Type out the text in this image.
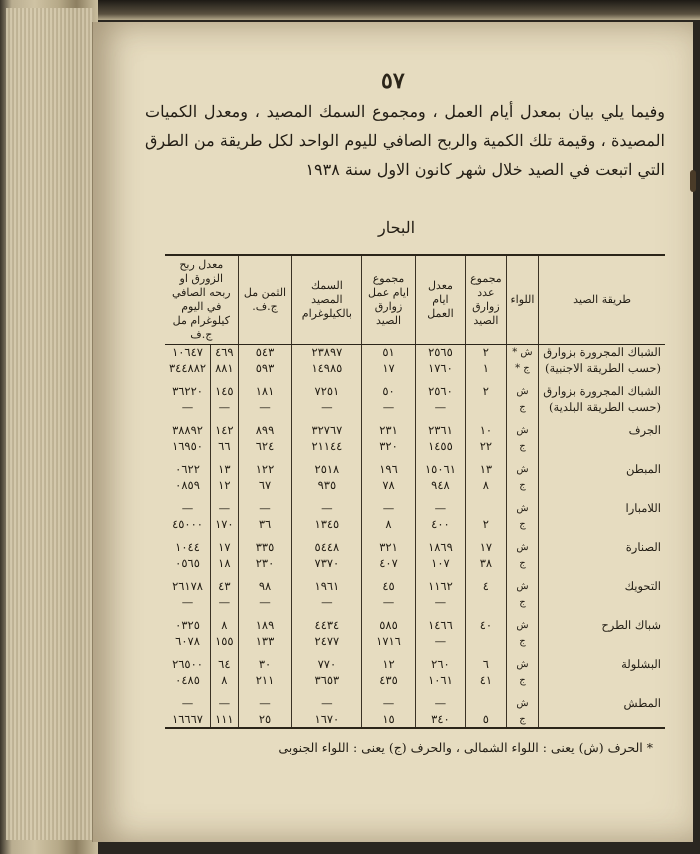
٥٧
وفيما يلي بيان بمعدل أيام العمل ، ومجموع السمك المصيد ، ومعدل الكميات المصيدة ، وقيمة تلك الكمية والربح الصافي لليوم الواحد لكل طريقة من الطرق التي اتبعت في الصيد خلال شهر كانون الاول سنة ١٩٣٨
البحار
طريقة الصيد	اللواء	مجموع عدد زوارق الصيد	معدل ايام العمل	مجموع ايام عمل زوارق الصيد	السمك المصيد بالكيلوغرام	الثمن مل ج.ف.	معدل ربح الزورق او ربحه الصافي في اليوم كيلوغرام مل ج.ف	
الشباك المجرورة بزوارق	ش *	٢	٢٥٦٥	٥١	٢٣٨٩٧	٥٤٣	٤٦٩	١٠٦٤٧
(حسب الطريقة الاجنبية)	ج *	١	١٧٦٠	١٧	١٤٩٨٥	٥٩٣	٨٨١	٣٤٤٨٨٢

الشباك المجرورة بزوارق	ش	٢	٢٥٦٠	٥٠	٧٢٥١	١٨١	١٤٥	٣٦٢٢٠
(حسب الطريقة البلدية)	ج		—	—	—	—	—	—

الجرف	ش	١٠	٢٣٦١	٢٣١	٣٢٧٦٧	٨٩٩	١٤٢	٣٨٨٩٢
	ج	٢٢	١٤٥٥	٣٢٠	٢١١٤٤	٦٢٤	٦٦	١٦٩٥٠

المبطن	ش	١٣	١٥٠٦١	١٩٦	٢٥١٨	١٢٢	١٣	٠٦٢٢
	ج	٨	٩٤٨	٧٨	٩٣٥	٦٧	١٢	٠٨٥٩

اللامبارا	ش		—	—	—	—	—	—
	ج	٢	٤٠٠	٨	١٣٤٥	٣٦	١٧٠	٤٥٠٠٠

الصنارة	ش	١٧	١٨٦٩	٣٢١	٥٤٤٨	٣٣٥	١٧	١٠٤٤
	ج	٣٨	١٠٧	٤٠٧	٧٣٧٠	٢٣٠	١٨	٠٥٦٥

التحويك	ش	٤	١١٦٢	٤٥	١٩٦١	٩٨	٤٣	٢٦١٧٨
	ج		—	—	—	—	—	—

شباك الطرح	ش	٤٠	١٤٦٦	٥٨٥	٤٤٣٤	١٨٩	٨	٠٣٢٥
	ج		—	١٧١٦	٢٤٧٧	١٣٣	١٥٥	٦٠٧٨

البشلولة	ش	٦	٢٦٠	١٢	٧٧٠	٣٠	٦٤	٢٦٥٠٠
	ج	٤١	١٠٦١	٤٣٥	٣٦٥٣	٢١١	٨	٠٤٨٥

المطش	ش		—	—	—	—	—	—
	ج	٥	٣٤٠	١٥	١٦٧٠	٢٥	١١١	١٦٦٦٧
* الحرف (ش) يعنى : اللواء الشمالى ، والحرف (ج) يعنى : اللواء الجنوبى
